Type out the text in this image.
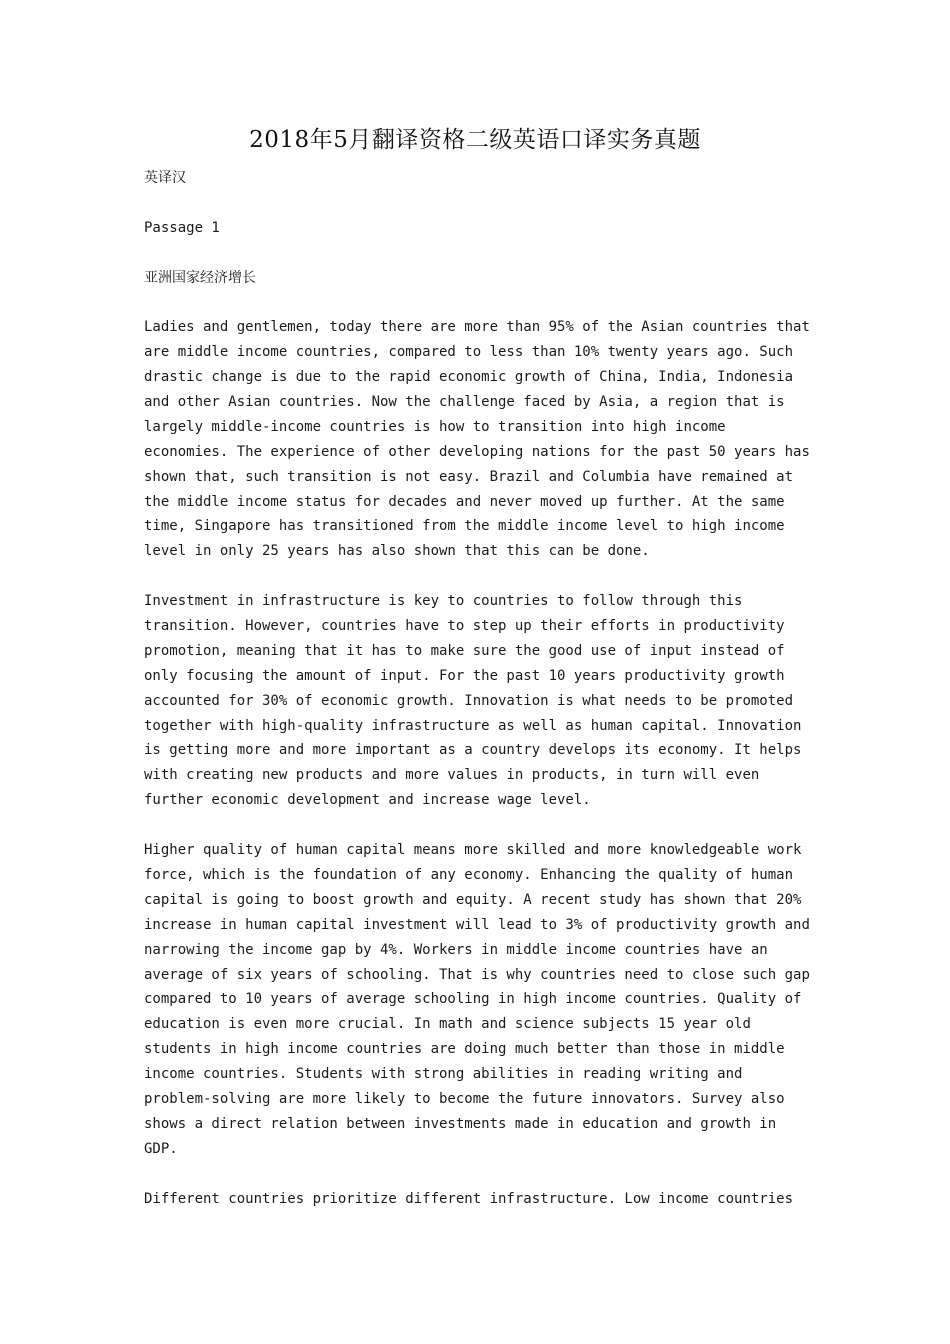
2018年5月翻译资格二级英语口译实务真题
英译汉
Passage 1
亚洲国家经济增长
Ladies and gentlemen, today there are more than 95% of the Asian countries that
are middle income countries, compared to less than 10% twenty years ago. Such
drastic change is due to the rapid economic growth of China, India, Indonesia
and other Asian countries. Now the challenge faced by Asia, a region that is
largely middle-income countries is how to transition into high income
economies. The experience of other developing nations for the past 50 years has
shown that, such transition is not easy. Brazil and Columbia have remained at
the middle income status for decades and never moved up further. At the same
time, Singapore has transitioned from the middle income level to high income
level in only 25 years has also shown that this can be done.
Investment in infrastructure is key to countries to follow through this
transition. However, countries have to step up their efforts in productivity
promotion, meaning that it has to make sure the good use of input instead of
only focusing the amount of input. For the past 10 years productivity growth
accounted for 30% of economic growth. Innovation is what needs to be promoted
together with high-quality infrastructure as well as human capital. Innovation
is getting more and more important as a country develops its economy. It helps
with creating new products and more values in products, in turn will even
further economic development and increase wage level.
Higher quality of human capital means more skilled and more knowledgeable work
force, which is the foundation of any economy. Enhancing the quality of human
capital is going to boost growth and equity. A recent study has shown that 20%
increase in human capital investment will lead to 3% of productivity growth and
narrowing the income gap by 4%. Workers in middle income countries have an
average of six years of schooling. That is why countries need to close such gap
compared to 10 years of average schooling in high income countries. Quality of
education is even more crucial. In math and science subjects 15 year old
students in high income countries are doing much better than those in middle
income countries. Students with strong abilities in reading writing and
problem-solving are more likely to become the future innovators. Survey also
shows a direct relation between investments made in education and growth in
GDP.
Different countries prioritize different infrastructure. Low income countries
